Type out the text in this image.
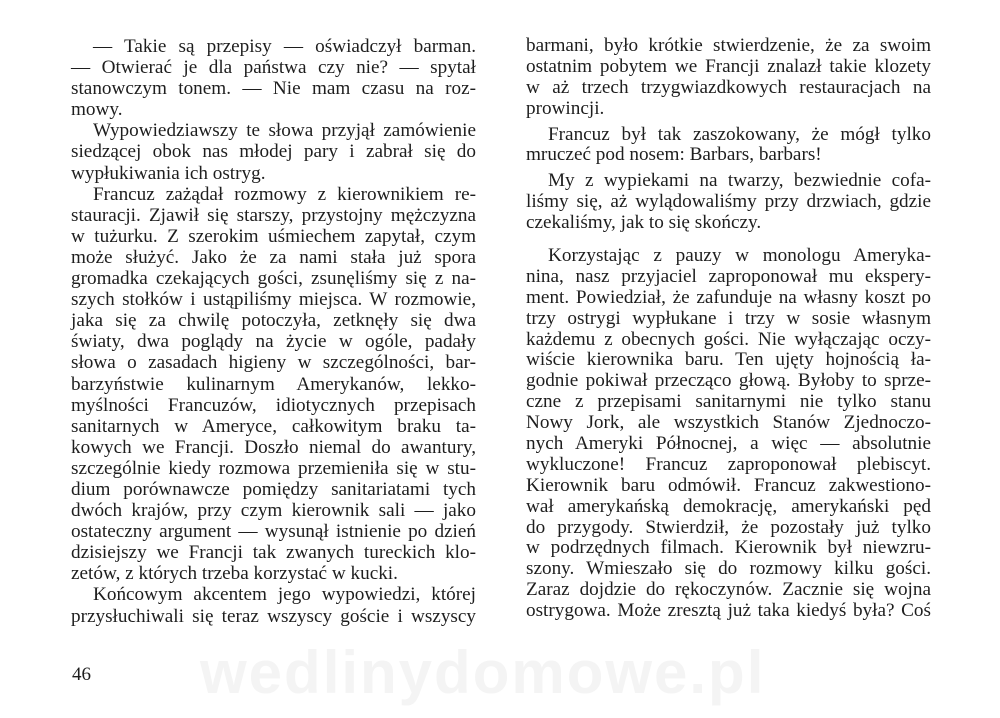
— Takie są przepisy — oświadczył barman.
— Otwierać je dla państwa czy nie? — spytał
stanowczym tonem. — Nie mam czasu na roz-
mowy.
Wypowiedziawszy te słowa przyjął zamówienie
siedzącej obok nas młodej pary i zabrał się do
wypłukiwania ich ostryg.
Francuz zażądał rozmowy z kierownikiem re-
stauracji. Zjawił się starszy, przystojny mężczyzna
w tużurku. Z szerokim uśmiechem zapytał, czym
może służyć. Jako że za nami stała już spora
gromadka czekających gości, zsunęliśmy się z na-
szych stołków i ustąpiliśmy miejsca. W rozmowie,
jaka się za chwilę potoczyła, zetknęły się dwa
światy, dwa poglądy na życie w ogóle, padały
słowa o zasadach higieny w szczególności, bar-
barzyństwie kulinarnym Amerykanów, lekko-
myślności Francuzów, idiotycznych przepisach
sanitarnych w Ameryce, całkowitym braku ta-
kowych we Francji. Doszło niemal do awantury,
szczególnie kiedy rozmowa przemieniła się w stu-
dium porównawcze pomiędzy sanitariatami tych
dwóch krajów, przy czym kierownik sali — jako
ostateczny argument — wysunął istnienie po dzień
dzisiejszy we Francji tak zwanych tureckich klo-
zetów, z których trzeba korzystać w kucki.
Końcowym akcentem jego wypowiedzi, której
przysłuchiwali się teraz wszyscy goście i wszyscy
barmani, było krótkie stwierdzenie, że za swoim
ostatnim pobytem we Francji znalazł takie klozety
w aż trzech trzygwiazdkowych restauracjach na
prowincji.
Francuz był tak zaszokowany, że mógł tylko
mruczeć pod nosem: Barbars, barbars!
My z wypiekami na twarzy, bezwiednie cofa-
liśmy się, aż wylądowaliśmy przy drzwiach, gdzie
czekaliśmy, jak to się skończy.
Korzystając z pauzy w monologu Ameryka-
nina, nasz przyjaciel zaproponował mu ekspery-
ment. Powiedział, że zafunduje na własny koszt po
trzy ostrygi wypłukane i trzy w sosie własnym
każdemu z obecnych gości. Nie wyłączając oczy-
wiście kierownika baru. Ten ujęty hojnością ła-
godnie pokiwał przecząco głową. Byłoby to sprze-
czne z przepisami sanitarnymi nie tylko stanu
Nowy Jork, ale wszystkich Stanów Zjednoczo-
nych Ameryki Północnej, a więc — absolutnie
wykluczone! Francuz zaproponował plebiscyt.
Kierownik baru odmówił. Francuz zakwestiono-
wał amerykańską demokrację, amerykański pęd
do przygody. Stwierdził, że pozostały już tylko
w podrzędnych filmach. Kierownik był niewzru-
szony. Wmieszało się do rozmowy kilku gości.
Zaraz dojdzie do rękoczynów. Zacznie się wojna
ostrygowa. Może zresztą już taka kiedyś była? Coś
46 wedlinydomowe.pl
